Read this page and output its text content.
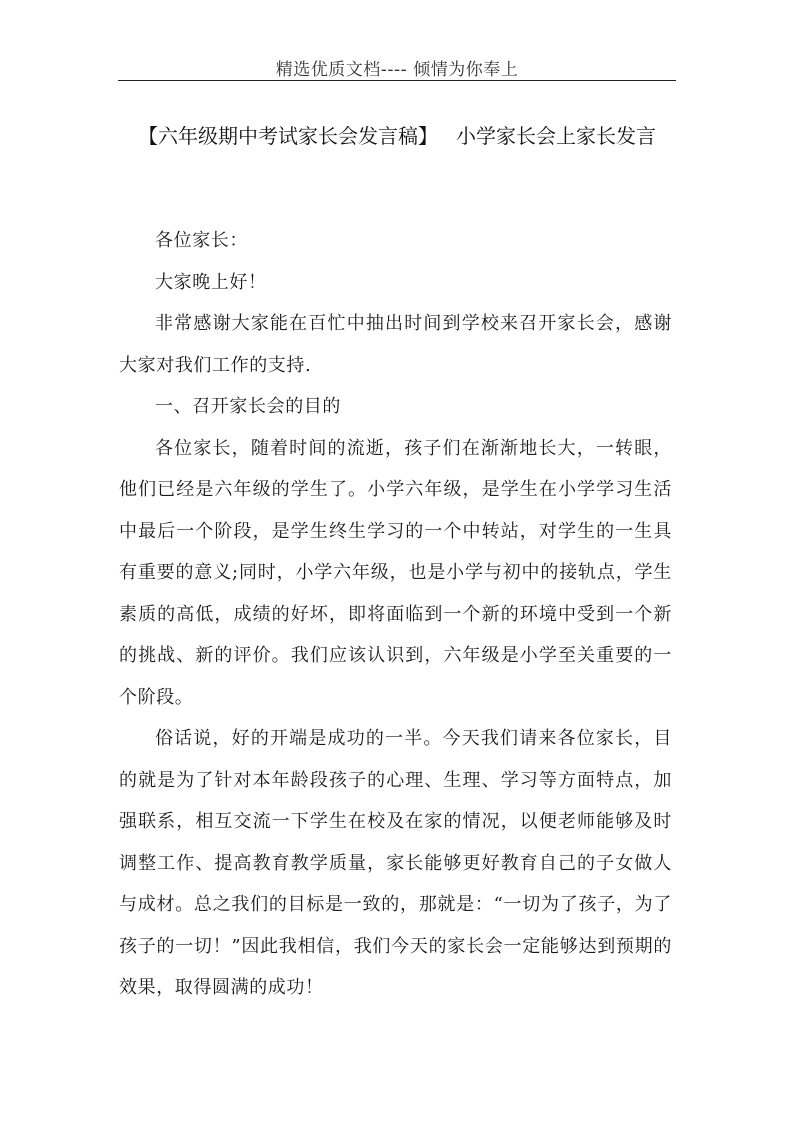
精选优质文档---- 倾情为你奉上
【六年级期中考试家长会发言稿】 小学家长会上家长发言

各位家长：

大家晚上好！

非常感谢大家能在百忙中抽出时间到学校来召开家长会，感谢大家对我们工作的支持.

一、召开家长会的目的

各位家长，随着时间的流逝，孩子们在渐渐地长大，一转眼，他们已经是六年级的学生了。小学六年级，是学生在小学学习生活中最后一个阶段，是学生终生学习的一个中转站，对学生的一生具有重要的意义;同时，小学六年级，也是小学与初中的接轨点，学生素质的高低，成绩的好坏，即将面临到一个新的环境中受到一个新的挑战、新的评价。我们应该认识到，六年级是小学至关重要的一个阶段。

俗话说，好的开端是成功的一半。今天我们请来各位家长，目的就是为了针对本年龄段孩子的心理、生理、学习等方面特点，加强联系，相互交流一下学生在校及在家的情况，以便老师能够及时调整工作、提高教育教学质量，家长能够更好教育自己的子女做人与成材。总之我们的目标是一致的，那就是：“一切为了孩子，为了孩子的一切！”因此我相信，我们今天的家长会一定能够达到预期的效果，取得圆满的成功！
